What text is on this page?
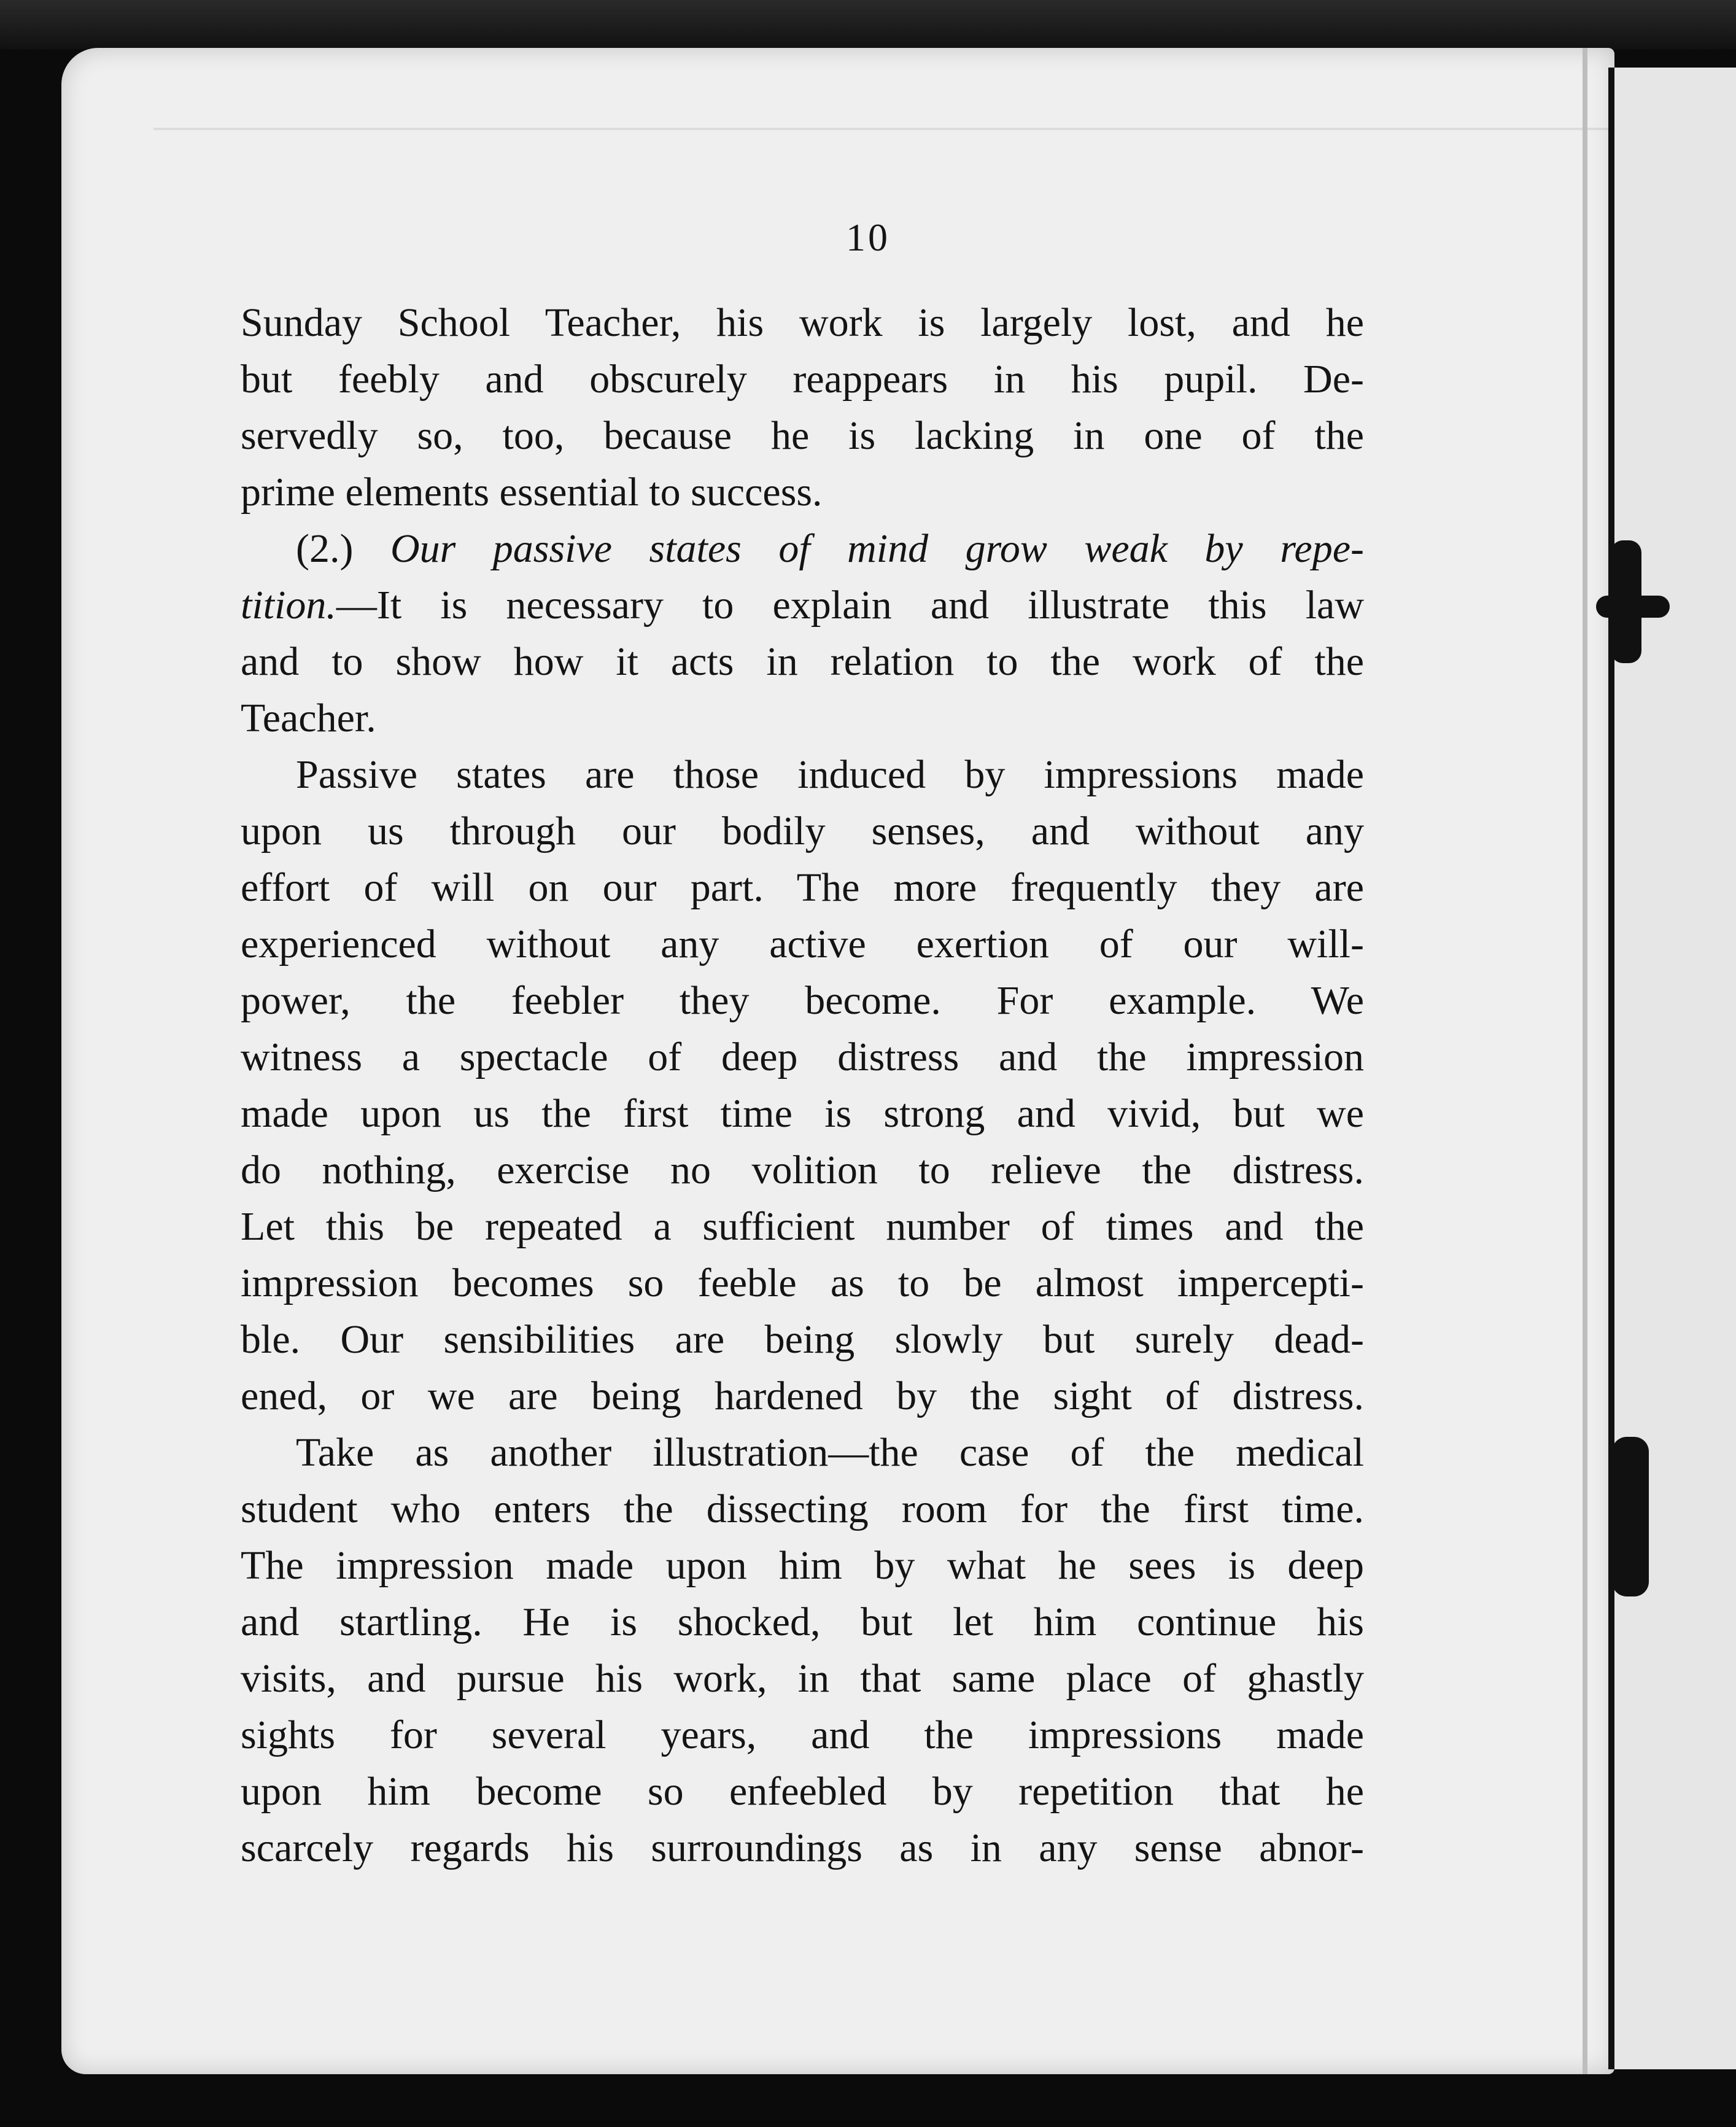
10
Sunday School Teacher, his work is largely lost, and he
but feebly and obscurely reappears in his pupil. De-
servedly so, too, because he is lacking in one of the
prime elements essential to success.
(2.) Our passive states of mind grow weak by repe-
tition.—It is necessary to explain and illustrate this law
and to show how it acts in relation to the work of the
Teacher.
Passive states are those induced by impressions made
upon us through our bodily senses, and without any
effort of will on our part. The more frequently they are
experienced without any active exertion of our will-
power, the feebler they become. For example. We
witness a spectacle of deep distress and the impression
made upon us the first time is strong and vivid, but we
do nothing, exercise no volition to relieve the distress.
Let this be repeated a sufficient number of times and the
impression becomes so feeble as to be almost impercepti-
ble. Our sensibilities are being slowly but surely dead-
ened, or we are being hardened by the sight of distress.
Take as another illustration—the case of the medical
student who enters the dissecting room for the first time.
The impression made upon him by what he sees is deep
and startling. He is shocked, but let him continue his
visits, and pursue his work, in that same place of ghastly
sights for several years, and the impressions made
upon him become so enfeebled by repetition that he
scarcely regards his surroundings as in any sense abnor-
